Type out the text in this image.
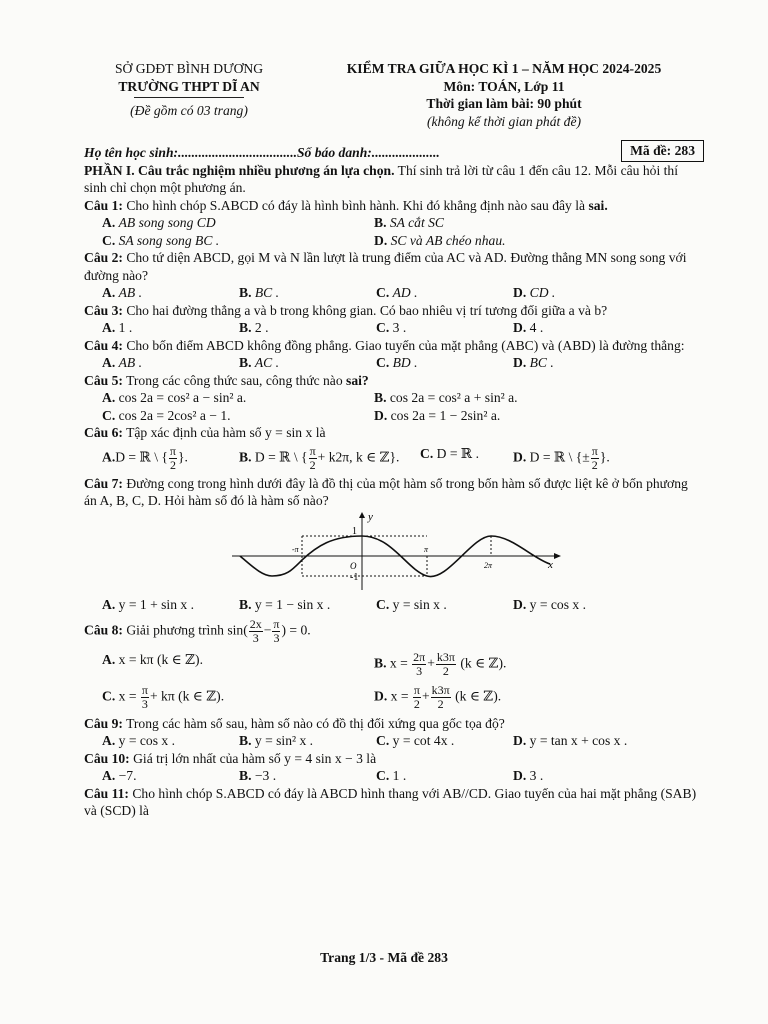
SỞ GDĐT BÌNH DƯƠNG
TRƯỜNG THPT DĨ AN
(Đề gồm có 03 trang)
KIỂM TRA GIỮA HỌC KÌ 1 – NĂM HỌC 2024-2025
Môn: TOÁN, Lớp 11
Thời gian làm bài: 90 phút
(không kể thời gian phát đề)
Họ tên học sinh:...................................Số báo danh:....................	Mã đề: 283

PHẦN I. Câu trắc nghiệm nhiều phương án lựa chọn. Thí sinh trả lời từ câu 1 đến câu 12. Mỗi câu hỏi thí sinh chỉ chọn một phương án.

Câu 1: Cho hình chóp S.ABCD có đáy là hình bình hành. Khi đó khẳng định nào sau đây là sai.

A. AB song song CD	B. SA cắt SC
C. SA song song BC .	D. SC và AB chéo nhau.

Câu 2: Cho tứ diện ABCD, gọi M và N lần lượt là trung điểm của AC và AD. Đường thẳng MN song song với đường nào?

A. AB .	B. BC .	C. AD .	D. CD .

Câu 3: Cho hai đường thẳng a và b trong không gian. Có bao nhiêu vị trí tương đối giữa a và b?

A. 1 .	B. 2 .	C. 3 .	D. 4 .

Câu 4: Cho bốn điểm ABCD không đồng phẳng. Giao tuyến của mặt phẳng (ABC) và (ABD) là đường thẳng:

A. AB .	B. AC .	C. BD .	D. BC .

Câu 5: Trong các công thức sau, công thức nào sai?

A. cos 2a = cos² a − sin² a.	B. cos 2a = cos² a + sin² a.
C. cos 2a = 2cos² a − 1.	D. cos 2a = 1 − 2sin² a.

Câu 6: Tập xác định của hàm số y = sin x là

A.D = ℝ \ { $\frac{\pi}{2}$ }.	B. D = ℝ \ { $\frac{\pi}{2} + k2\pi$, k ∈ ℤ}.	C. D = ℝ .	D. D = ℝ \ {± $\frac{\pi}{2}$ }.

Câu 7: Đường cong trong hình dưới đây là đồ thị của một hàm số trong bốn hàm số được liệt kê ở bốn phương án A, B, C, D. Hỏi hàm số đó là hàm số nào?

y
x
1
-1
O
-π	π
2π
A. y = 1 + sin x .	B. y = 1 − sin x .	C. y = sin x .	D. y = cos x .

Câu 8: Giải phương trình $\sin( \frac{2x}{3} - \frac{\pi}{3}$ ) = 0.

A. x = kπ (k ∈ ℤ).	B. $x = \frac{2\pi}{3} + \frac{k3\pi}{2} (k$ ∈ ℤ).
C. $x = \frac{\pi}{3} + k\pi$ (k ∈ ℤ).	D. $x = \frac{\pi}{2} + \frac{k3\pi}{2} (k$ ∈ ℤ).

Câu 9: Trong các hàm số sau, hàm số nào có đồ thị đối xứng qua gốc tọa độ?

A. y = cos x .	B. y = sin² x .	C. y = cot 4x .	D. y = tan x + cos x .

Câu 10: Giá trị lớn nhất của hàm số y = 4 sin x − 3 là

A. −7.	B. −3 .	C. 1 .	D. 3 .

Câu 11: Cho hình chóp S.ABCD có đáy là ABCD hình thang với AB//CD. Giao tuyến của hai mặt phẳng (SAB) và (SCD) là

Trang 1/3 - Mã đề 283
